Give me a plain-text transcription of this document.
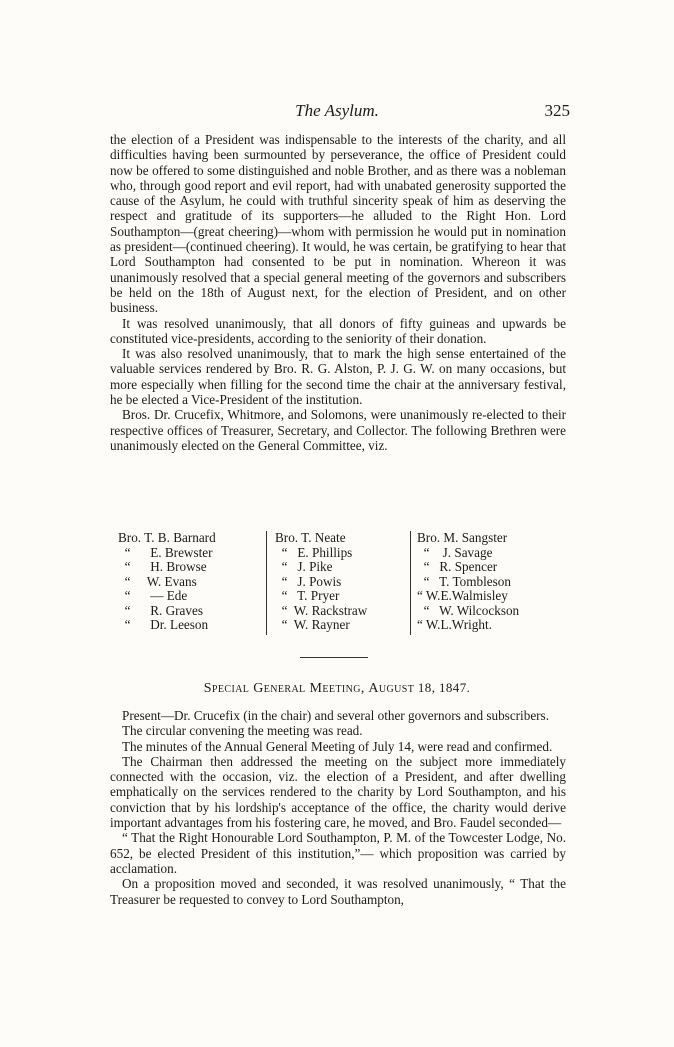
The Asylum.	325

the election of a President was indispensable to the interests of the charity, and all difficulties having been surmounted by perseverance, the office of President could now be offered to some distinguished and noble Brother, and as there was a nobleman who, through good report and evil report, had with unabated generosity supported the cause of the Asylum, he could with truthful sincerity speak of him as deserving the respect and gratitude of its supporters—he alluded to the Right Hon. Lord Southampton—(great cheering)—whom with permission he would put in nomination as president—(continued cheering). It would, he was certain, be gratifying to hear that Lord Southampton had consented to be put in nomination. Whereon it was unanimously resolved that a special general meeting of the governors and subscribers be held on the 18th of August next, for the election of President, and on other business.

It was resolved unanimously, that all donors of fifty guineas and upwards be constituted vice-presidents, according to the seniority of their donation.

It was also resolved unanimously, that to mark the high sense entertained of the valuable services rendered by Bro. R. G. Alston, P. J. G. W. on many occasions, but more especially when filling for the second time the chair at the anniversary festival, he be elected a Vice-President of the institution.

Bros. Dr. Crucefix, Whitmore, and Solomons, were unanimously re-elected to their respective offices of Treasurer, Secretary, and Collector. The following Brethren were unanimously elected on the General Committee, viz.

Bro. T. B. Barnard
“      E. Brewster
“      H. Browse
“     W. Evans
“      — Ede
“      R. Graves
“      Dr. Leeson
Bro. T. Neate
“   E. Phillips
“   J. Pike
“   J. Powis
“   T. Pryer
“  W. Rackstraw
“  W. Rayner
Bro. M. Sangster
“    J. Savage
“   R. Spencer
“   T. Tombleson
“ W.E.Walmisley
“   W. Wilcockson
“ W.L.Wright.
Special General Meeting, August 18, 1847.

Present—Dr. Crucefix (in the chair) and several other governors and subscribers.

The circular convening the meeting was read.

The minutes of the Annual General Meeting of July 14, were read and confirmed.

The Chairman then addressed the meeting on the subject more immediately connected with the occasion, viz. the election of a President, and after dwelling emphatically on the services rendered to the charity by Lord Southampton, and his conviction that by his lordship's acceptance of the office, the charity would derive important advantages from his fostering care, he moved, and Bro. Faudel seconded—

“ That the Right Honourable Lord Southampton, P. M. of the Towcester Lodge, No. 652, be elected President of this institution,”— which proposition was carried by acclamation.

On a proposition moved and seconded, it was resolved unanimously, “ That the Treasurer be requested to convey to Lord Southampton,
